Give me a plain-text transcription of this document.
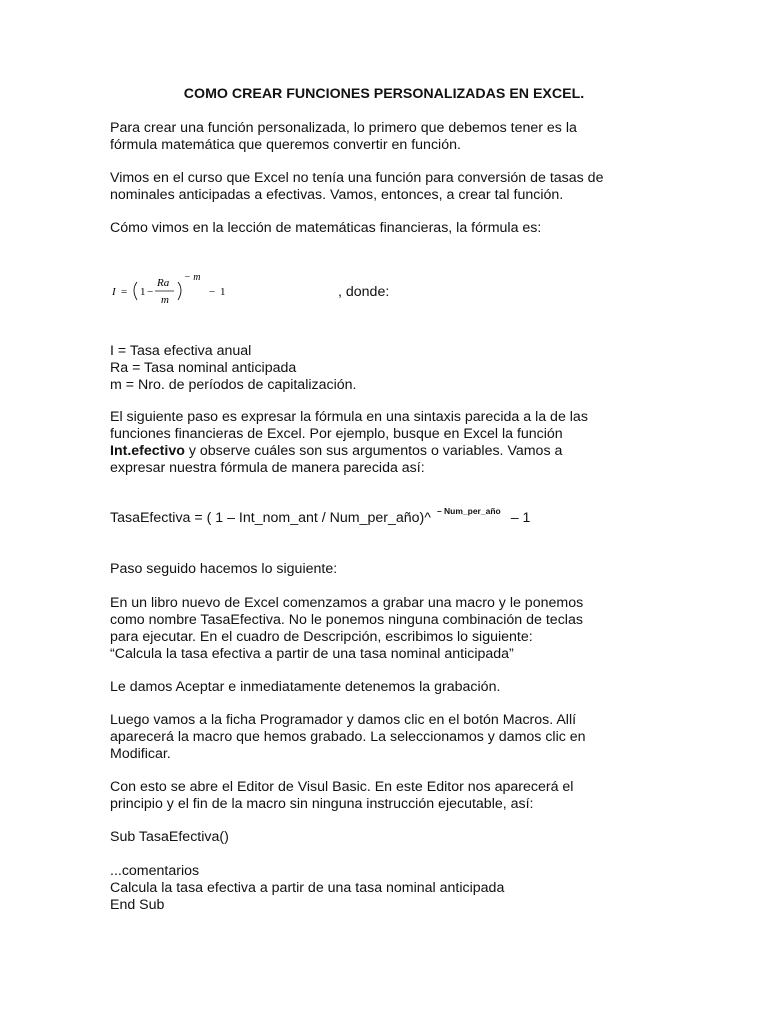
COMO CREAR FUNCIONES PERSONALIZADAS EN EXCEL.

Para crear una función personalizada, lo primero que debemos tener es la
fórmula matemática que queremos convertir en función.

Vimos en el curso que Excel no tenía una función para conversión de tasas de
nominales anticipadas a efectivas. Vamos, entonces, a crear tal función.

Cómo vimos en la lección de matemáticas financieras, la fórmula es:

I = 1 −
Ra
m
− m
− 1	, donde:

I = Tasa efectiva anual
Ra = Tasa nominal anticipada
m = Nro. de períodos de capitalización.

El siguiente paso es expresar la fórmula en una sintaxis parecida a la de las
funciones financieras de Excel. Por ejemplo, busque en Excel la función
Int.efectivo y observe cuáles son sus argumentos o variables. Vamos a
expresar nuestra fórmula de manera parecida así:

TasaEfectiva = ( 1 – Int_nom_ant / Num_per_año)^ $^{- Num\_per\_año}$ – 1

Paso seguido hacemos lo siguiente:

En un libro nuevo de Excel comenzamos a grabar una macro y le ponemos
como nombre TasaEfectiva. No le ponemos ninguna combinación de teclas
para ejecutar. En el cuadro de Descripción, escribimos lo siguiente:
“Calcula la tasa efectiva a partir de una tasa nominal anticipada”

Le damos Aceptar e inmediatamente detenemos la grabación.

Luego vamos a la ficha Programador y damos clic en el botón Macros. Allí
aparecerá la macro que hemos grabado. La seleccionamos y damos clic en
Modificar.

Con esto se abre el Editor de Visul Basic. En este Editor nos aparecerá el
principio y el fin de la macro sin ninguna instrucción ejecutable, así:

Sub TasaEfectiva()

...comentarios
Calcula la tasa efectiva a partir de una tasa nominal anticipada
End Sub
